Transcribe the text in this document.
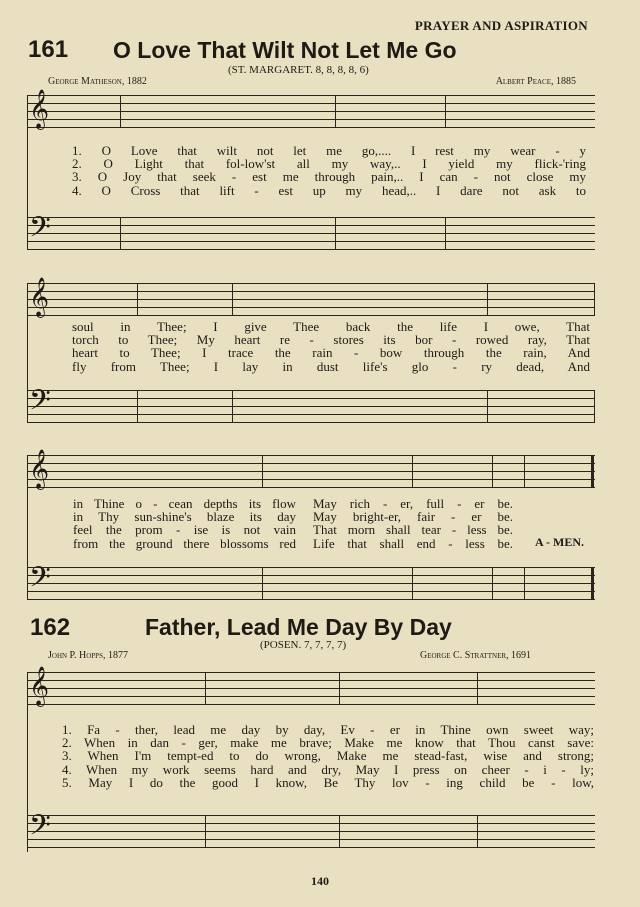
PRAYER AND ASPIRATION
161 O Love That Wilt Not Let Me Go
(ST. MARGARET. 8, 8, 8, 8, 6)
George Matheson, 1882	Albert Peace, 1885
𝄞
1. O Love that wilt not let me go,.... I rest my wear - y
2. O Light that fol-low'st all my way,.. I yield my flick-'ring
3. O Joy that seek - est me through pain,.. I can - not close my
4. O Cross that lift - est up my head,.. I dare not ask to
𝄢
𝄞
soul in Thee; I give Thee back the life I owe, That
torch to Thee; My heart re - stores its bor - rowed ray, That
heart to Thee; I trace the rain - bow through the rain, And
fly from Thee; I lay in dust life's glo - ry dead, And
𝄢
𝄞
in Thine o - cean depths its flow
in Thy sun-shine's blaze its day
feel the prom - ise is not vain
from the ground there blossoms red
May rich - er, full - er be.
May bright-er, fair - er be.
That morn shall tear - less be.
Life that shall end - less be. A - MEN.
𝄢
162	Father, Lead Me Day By Day
(POSEN. 7, 7, 7, 7)
John P. Hopps, 1877	George C. Strattner, 1691
𝄞
1. Fa - ther, lead me day by day, Ev - er in Thine own sweet way;
2. When in dan - ger, make me brave; Make me know that Thou canst save:
3. When I'm tempt-ed to do wrong, Make me stead-fast, wise and strong;
4. When my work seems hard and dry, May I press on cheer - i - ly;
5. May I do the good I know, Be Thy lov - ing child be - low,
𝄢
140
